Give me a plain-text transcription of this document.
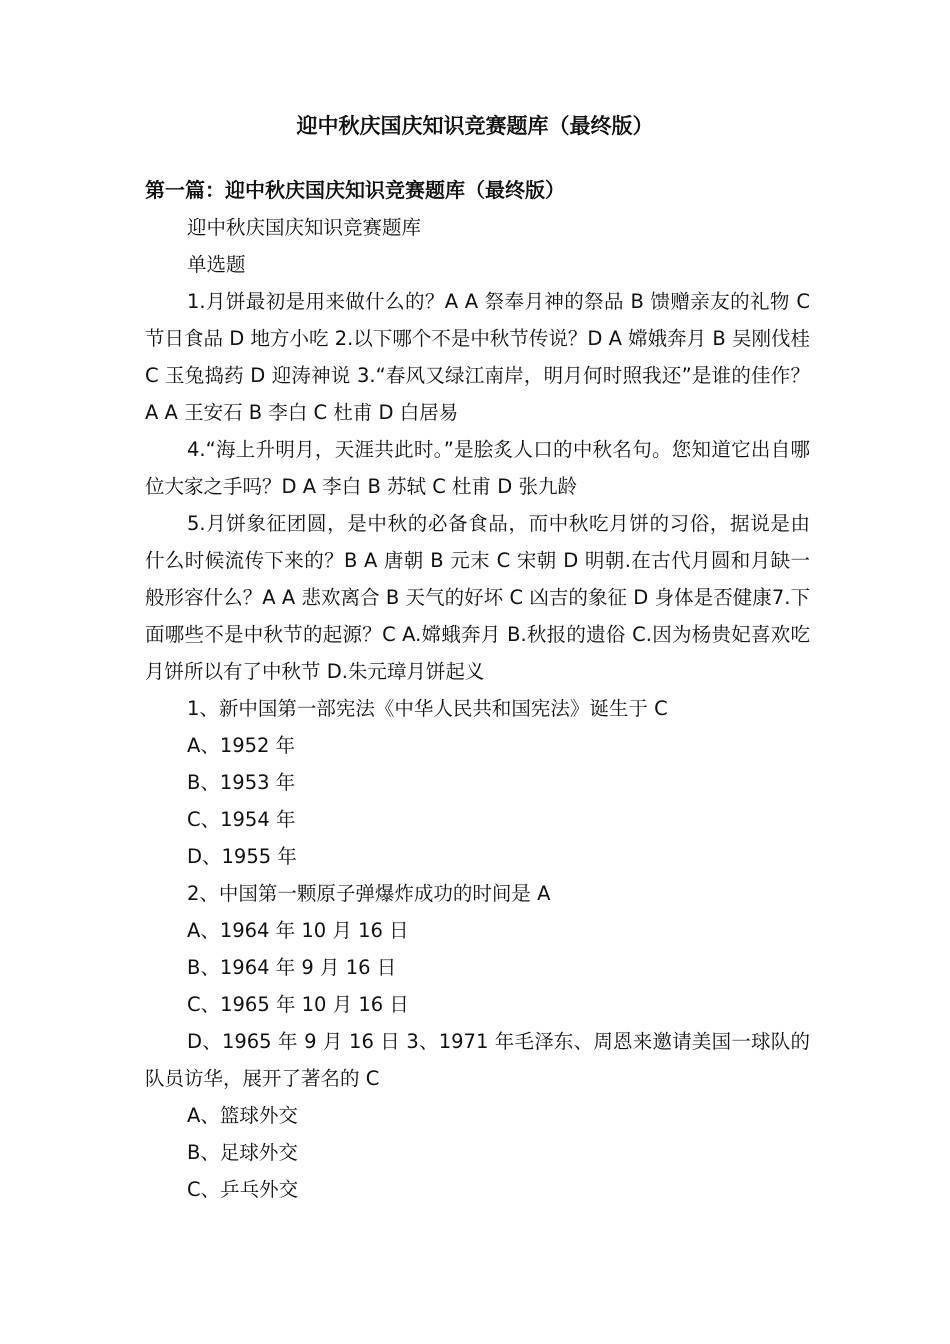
迎中秋庆国庆知识竞赛题库（最终版）
第一篇：迎中秋庆国庆知识竞赛题库（最终版）

迎中秋庆国庆知识竞赛题库

单选题

1.月饼最初是用来做什么的？A A 祭奉月神的祭品 B 馈赠亲友的礼物 C 节日食品 D 地方小吃 2.以下哪个不是中秋节传说？D A 嫦娥奔月 B 吴刚伐桂 C 玉兔捣药 D 迎涛神说 3.“春风又绿江南岸，明月何时照我还”是谁的佳作？A A 王安石 B 李白 C 杜甫 D 白居易

4.“海上升明月，天涯共此时。”是脍炙人口的中秋名句。您知道它出自哪位大家之手吗？D A 李白 B 苏轼 C 杜甫 D 张九龄

5.月饼象征团圆，是中秋的必备食品，而中秋吃月饼的习俗，据说是由什么时候流传下来的？B A 唐朝 B 元末 C 宋朝 D 明朝.在古代月圆和月缺一般形容什么？A A 悲欢离合 B 天气的好坏 C 凶吉的象征 D 身体是否健康7.下面哪些不是中秋节的起源？C A.嫦蛾奔月 B.秋报的遗俗 C.因为杨贵妃喜欢吃月饼所以有了中秋节 D.朱元璋月饼起义

1、新中国第一部宪法《中华人民共和国宪法》诞生于 C

A、1952 年

B、1953 年

C、1954 年

D、1955 年

2、中国第一颗原子弹爆炸成功的时间是 A

A、1964 年 10 月 16 日

B、1964 年 9 月 16 日

C、1965 年 10 月 16 日

D、1965 年 9 月 16 日 3、1971 年毛泽东、周恩来邀请美国一球队的队员访华，展开了著名的 C

A、篮球外交

B、足球外交

C、乒乓外交
